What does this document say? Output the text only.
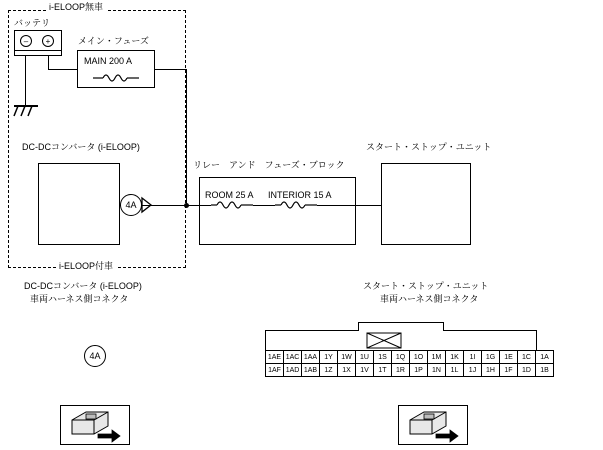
i-ELOOP無車
i-ELOOP付車
バッテリ
–	+	メイン・フューズ
MAIN 200 A
DC-DCコンバータ (i-ELOOP)
4A
リレー　アンド　フューズ・ブロック
ROOM 25 A INTERIOR 15 A
スタート・ストップ・ユニット
DC-DCコンバータ (i-ELOOP)
車両ハーネス側コネクタ
スタート・ストップ・ユニット
車両ハーネス側コネクタ
4A	1AE	1AC	1AA	1Y	1W	1U	1S	1Q	1O	1M	1K	1I	1G	1E	1C	1A
1AF	1AD	1AB	1Z	1X	1V	1T	1R	1P	1N	1L	1J	1H	1F	1D	1B
